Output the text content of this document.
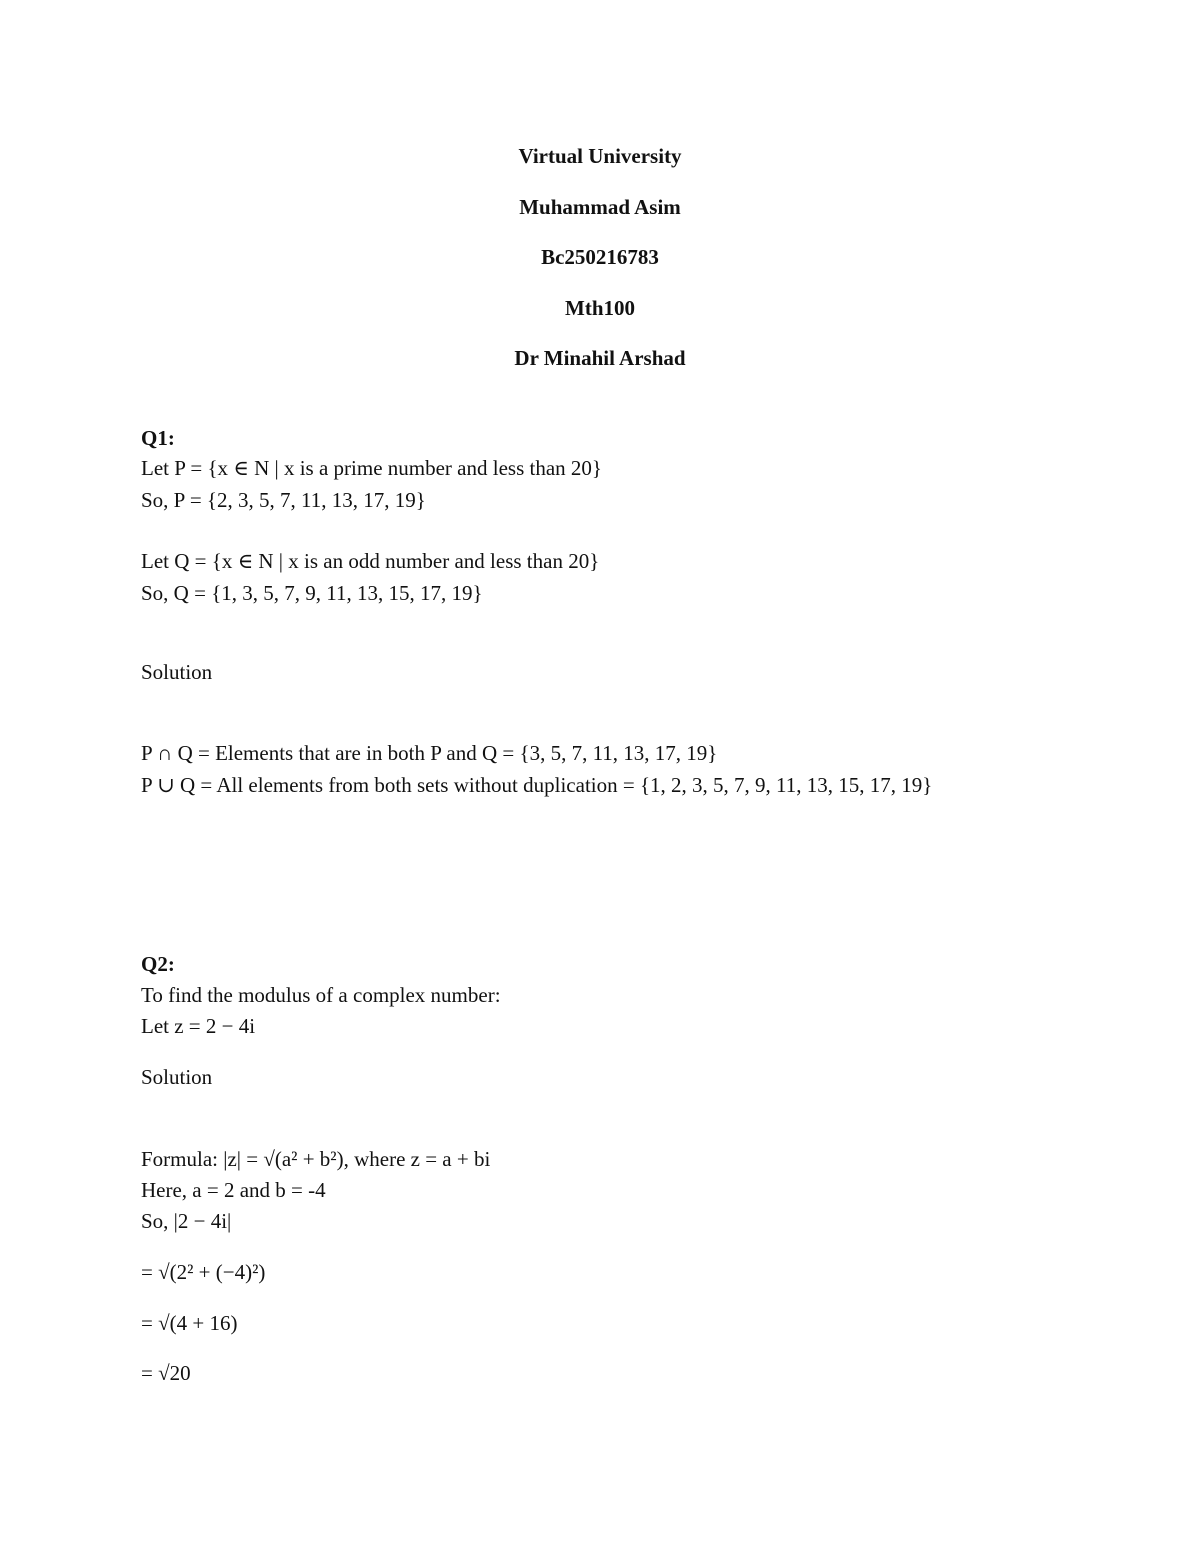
Virtual University
Muhammad Asim
Bc250216783
Mth100
Dr Minahil Arshad
Q1:
Let P = {x ∈ N | x is a prime number and less than 20}
So, P = {2, 3, 5, 7, 11, 13, 17, 19}
Let Q = {x ∈ N | x is an odd number and less than 20}
So, Q = {1, 3, 5, 7, 9, 11, 13, 15, 17, 19}
Solution
P ∩ Q = Elements that are in both P and Q = {3, 5, 7, 11, 13, 17, 19}
P ∪ Q = All elements from both sets without duplication = {1, 2, 3, 5, 7, 9, 11, 13, 15, 17, 19}
Q2:
To find the modulus of a complex number:
Let z = 2 − 4i
Solution
Formula: |z| = √(a² + b²), where z = a + bi
Here, a = 2 and b = -4
So, |2 − 4i|
= √(2² + (−4)²)
= √(4 + 16)
= √20
